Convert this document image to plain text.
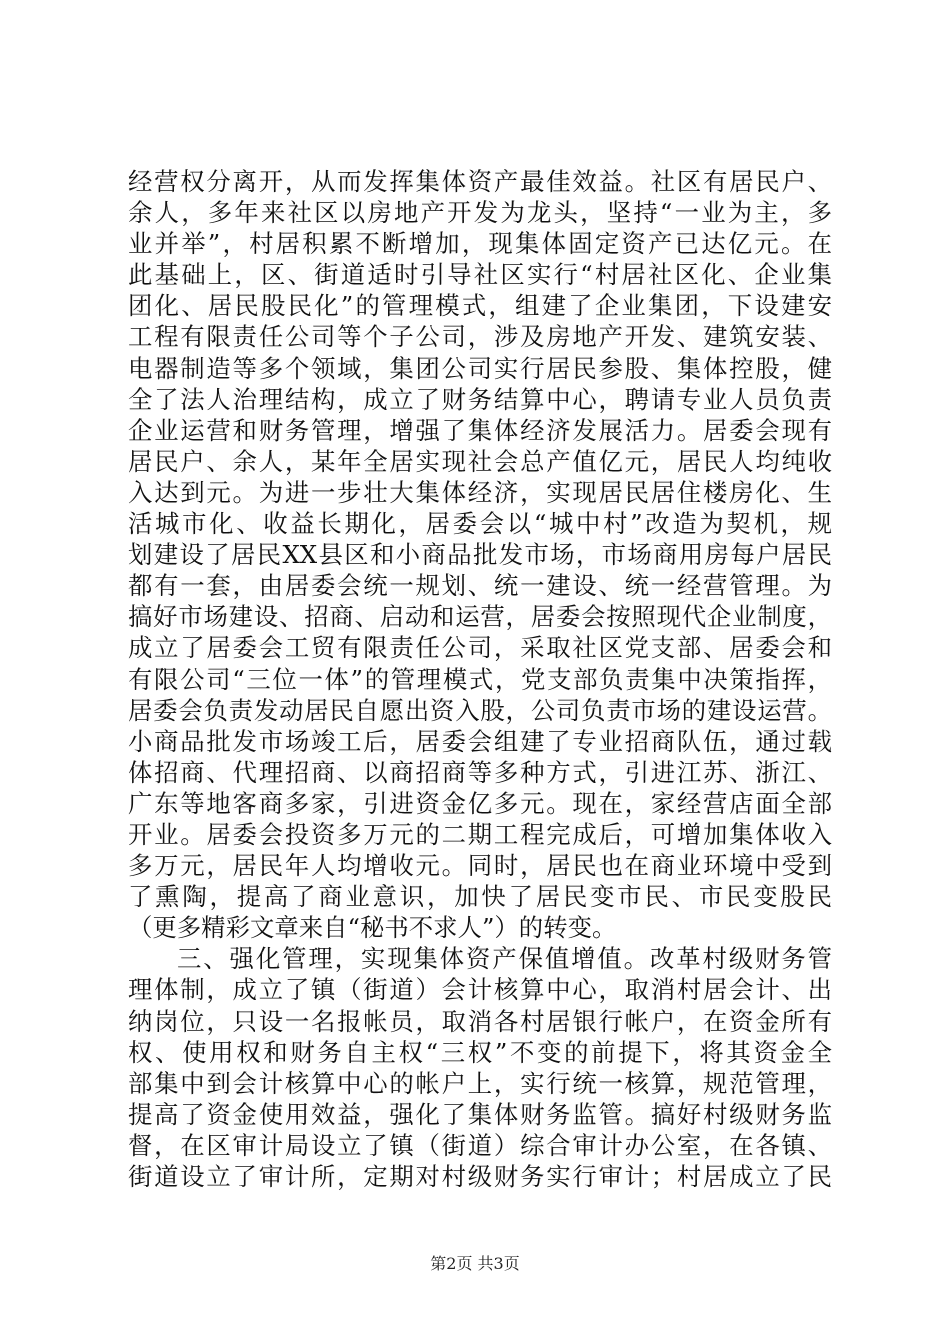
经营权分离开，从而发挥集体资产最佳效益。社区有居民户、
余人，多年来社区以房地产开发为龙头，坚持“一业为主，多
业并举”，村居积累不断增加，现集体固定资产已达亿元。在
此基础上，区、街道适时引导社区实行“村居社区化、企业集
团化、居民股民化”的管理模式，组建了企业集团，下设建安
工程有限责任公司等个子公司，涉及房地产开发、建筑安装、
电器制造等多个领域，集团公司实行居民参股、集体控股，健
全了法人治理结构，成立了财务结算中心，聘请专业人员负责
企业运营和财务管理，增强了集体经济发展活力。居委会现有
居民户、余人，某年全居实现社会总产值亿元，居民人均纯收
入达到元。为进一步壮大集体经济，实现居民居住楼房化、生
活城市化、收益长期化，居委会以“城中村”改造为契机，规
划建设了居民XX县区和小商品批发市场，市场商用房每户居民
都有一套，由居委会统一规划、统一建设、统一经营管理。为
搞好市场建设、招商、启动和运营，居委会按照现代企业制度，
成立了居委会工贸有限责任公司，采取社区党支部、居委会和
有限公司“三位一体”的管理模式，党支部负责集中决策指挥，
居委会负责发动居民自愿出资入股，公司负责市场的建设运营。
小商品批发市场竣工后，居委会组建了专业招商队伍，通过载
体招商、代理招商、以商招商等多种方式，引进江苏、浙江、
广东等地客商多家，引进资金亿多元。现在，家经营店面全部
开业。居委会投资多万元的二期工程完成后，可增加集体收入
多万元，居民年人均增收元。同时，居民也在商业环境中受到
了熏陶，提高了商业意识，加快了居民变市民、市民变股民
（更多精彩文章来自“秘书不求人”）的转变。
三、强化管理，实现集体资产保值增值。改革村级财务管
理体制，成立了镇（街道）会计核算中心，取消村居会计、出
纳岗位，只设一名报帐员，取消各村居银行帐户，在资金所有
权、使用权和财务自主权“三权”不变的前提下，将其资金全
部集中到会计核算中心的帐户上，实行统一核算，规范管理，
提高了资金使用效益，强化了集体财务监管。搞好村级财务监
督，在区审计局设立了镇（街道）综合审计办公室，在各镇、
街道设立了审计所，定期对村级财务实行审计；村居成立了民
第2页 共3页
